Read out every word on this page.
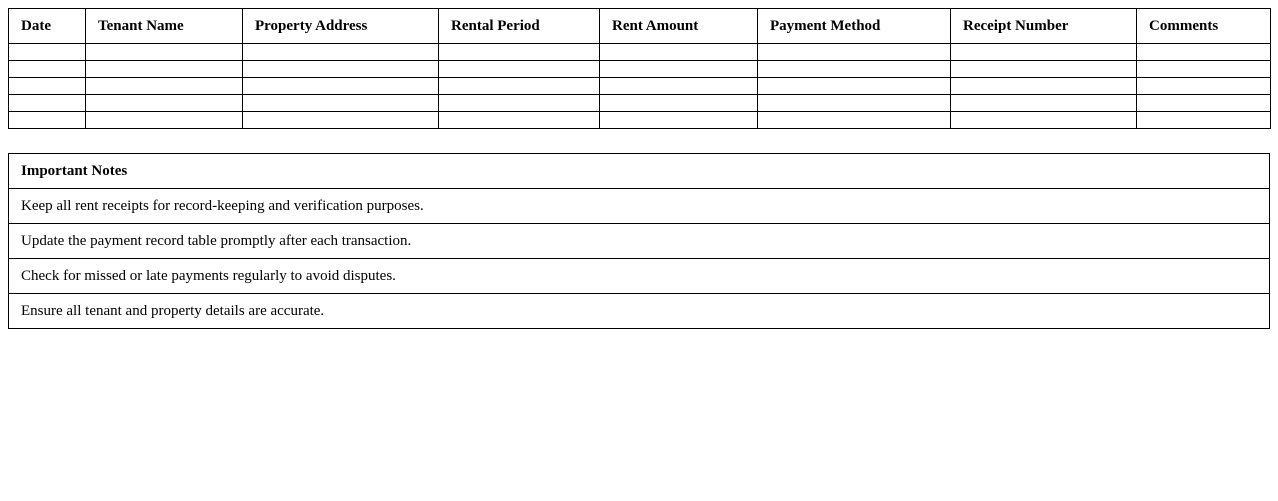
Date	Tenant Name	Property Address	Rental Period	Rent Amount	Payment Method	Receipt Number	Comments

Important Notes
Keep all rent receipts for record-keeping and verification purposes.
Update the payment record table promptly after each transaction.
Check for missed or late payments regularly to avoid disputes.
Ensure all tenant and property details are accurate.
